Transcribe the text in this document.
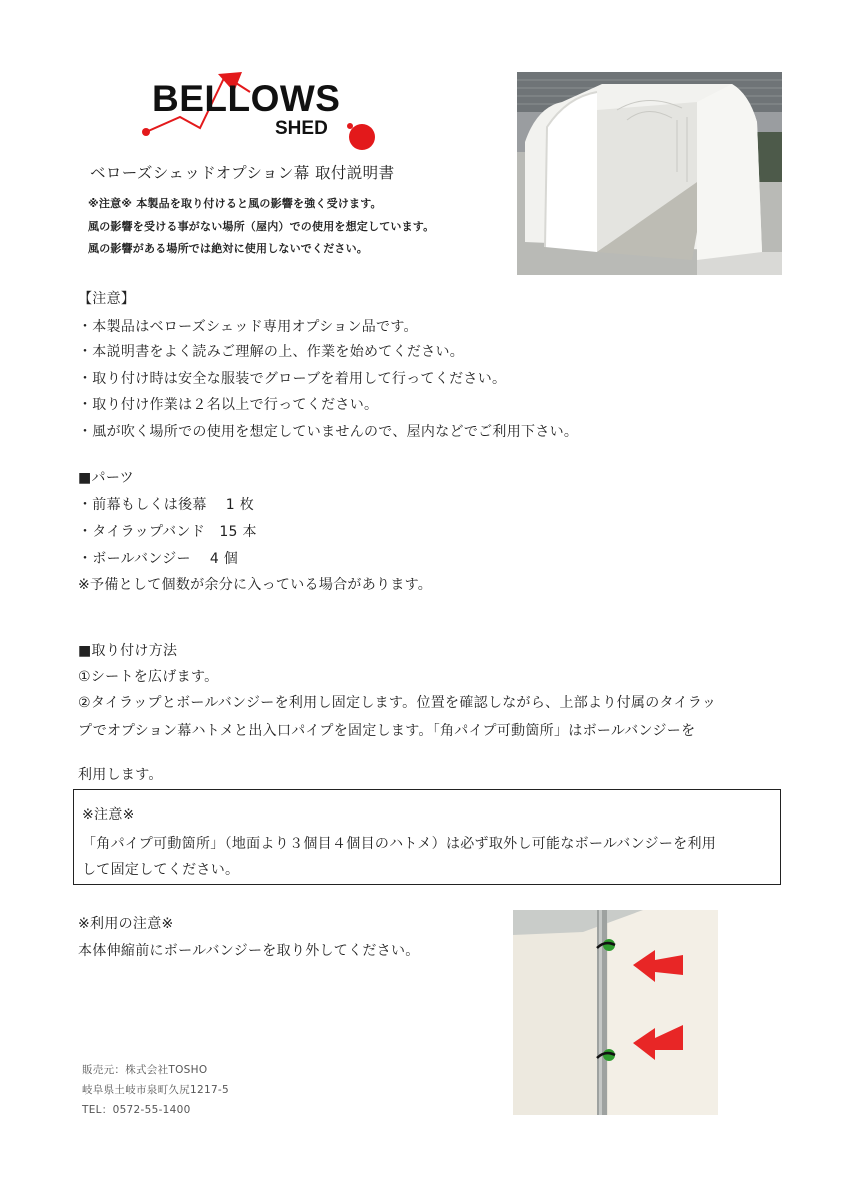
BELLOWS
SHED
ベローズシェッドオプション幕 取付説明書
※注意※ 本製品を取り付けると風の影響を強く受けます。
風の影響を受ける事がない場所（屋内）での使用を想定しています。
風の影響がある場所では絶対に使用しないでください。
【注意】
・本製品はベローズシェッド専用オプション品です。
・本説明書をよく読みご理解の上、作業を始めてください。
・取り付け時は安全な服装でグローブを着用して行ってください。
・取り付け作業は２名以上で行ってください。
・風が吹く場所での使用を想定していませんので、屋内などでご利用下さい。
■パーツ
・前幕もしくは後幕　 1 枚
・タイラップバンド　15 本
・ボールバンジー　 4 個
※予備として個数が余分に入っている場合があります。
■取り付け方法
①シートを広げます。
②タイラップとボールバンジーを利用し固定します。位置を確認しながら、上部より付属のタイラッ
プでオプション幕ハトメと出入口パイプを固定します。「角パイプ可動箇所」はボールバンジーを
利用します。
※注意※
「角パイプ可動箇所」（地面より３個目４個目のハトメ）は必ず取外し可能なボールバンジーを利用
して固定してください。
※利用の注意※
本体伸縮前にボールバンジーを取り外してください。
販売元：株式会社TOSHO
岐阜県土岐市泉町久尻1217-5
TEL：0572-55-1400
